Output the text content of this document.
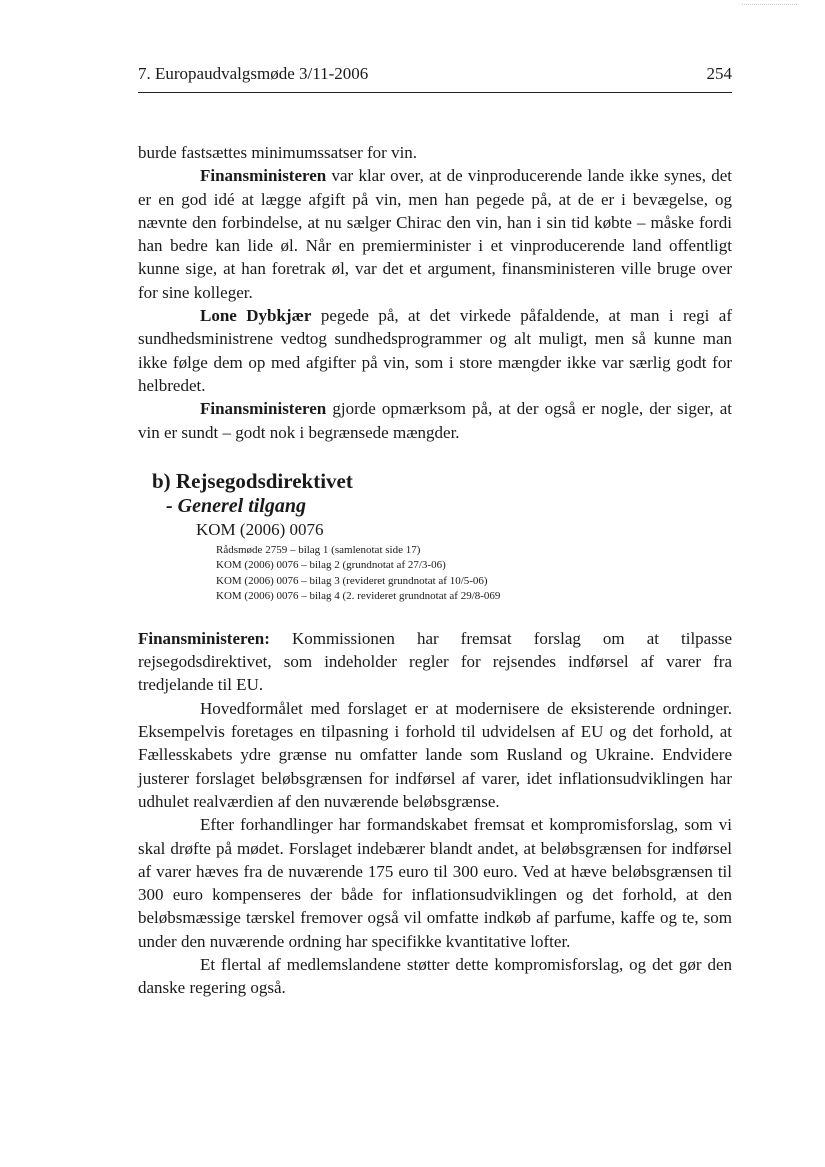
7. Europaudvalgsmøde 3/11-2006	254

burde fastsættes minimumssatser for vin.

Finansministeren var klar over, at de vinproducerende lande ikke synes, det er en god idé at lægge afgift på vin, men han pegede på, at de er i bevægelse, og nævnte den forbindelse, at nu sælger Chirac den vin, han i sin tid købte – måske fordi han bedre kan lide øl. Når en premierminister i et vinproducerende land offentligt kunne sige, at han foretrak øl, var det et argument, finansministeren ville bruge over for sine kolleger.

Lone Dybkjær pegede på, at det virkede påfaldende, at man i regi af sundhedsministrene vedtog sundhedsprogrammer og alt muligt, men så kunne man ikke følge dem op med afgifter på vin, som i store mængder ikke var særlig godt for helbredet.

Finansministeren gjorde opmærksom på, at der også er nogle, der siger, at vin er sundt – godt nok i begrænsede mængder.

b) Rejsegodsdirektivet
- Generel tilgang
KOM (2006) 0076
Rådsmøde 2759 – bilag 1 (samlenotat side 17)
KOM (2006) 0076 – bilag 2 (grundnotat af 27/3-06)
KOM (2006) 0076 – bilag 3 (revideret grundnotat af 10/5-06)
KOM (2006) 0076 – bilag 4 (2. revideret grundnotat af 29/8-069

Finansministeren: Kommissionen har fremsat forslag om at tilpasse rejsegodsdirektivet, som indeholder regler for rejsendes indførsel af varer fra tredjelande til EU.

Hovedformålet med forslaget er at modernisere de eksisterende ordninger. Eksempelvis foretages en tilpasning i forhold til udvidelsen af EU og det forhold, at Fællesskabets ydre grænse nu omfatter lande som Rusland og Ukraine. Endvidere justerer forslaget beløbsgrænsen for indførsel af varer, idet inflationsudviklingen har udhulet realværdien af den nuværende beløbsgrænse.

Efter forhandlinger har formandskabet fremsat et kompromisforslag, som vi skal drøfte på mødet. Forslaget indebærer blandt andet, at beløbsgrænsen for indførsel af varer hæves fra de nuværende 175 euro til 300 euro. Ved at hæve beløbsgrænsen til 300 euro kompenseres der både for inflationsudviklingen og det forhold, at den beløbsmæssige tærskel fremover også vil omfatte indkøb af parfume, kaffe og te, som under den nuværende ordning har specifikke kvantitative lofter.

Et flertal af medlemslandene støtter dette kompromisforslag, og det gør den danske regering også.
